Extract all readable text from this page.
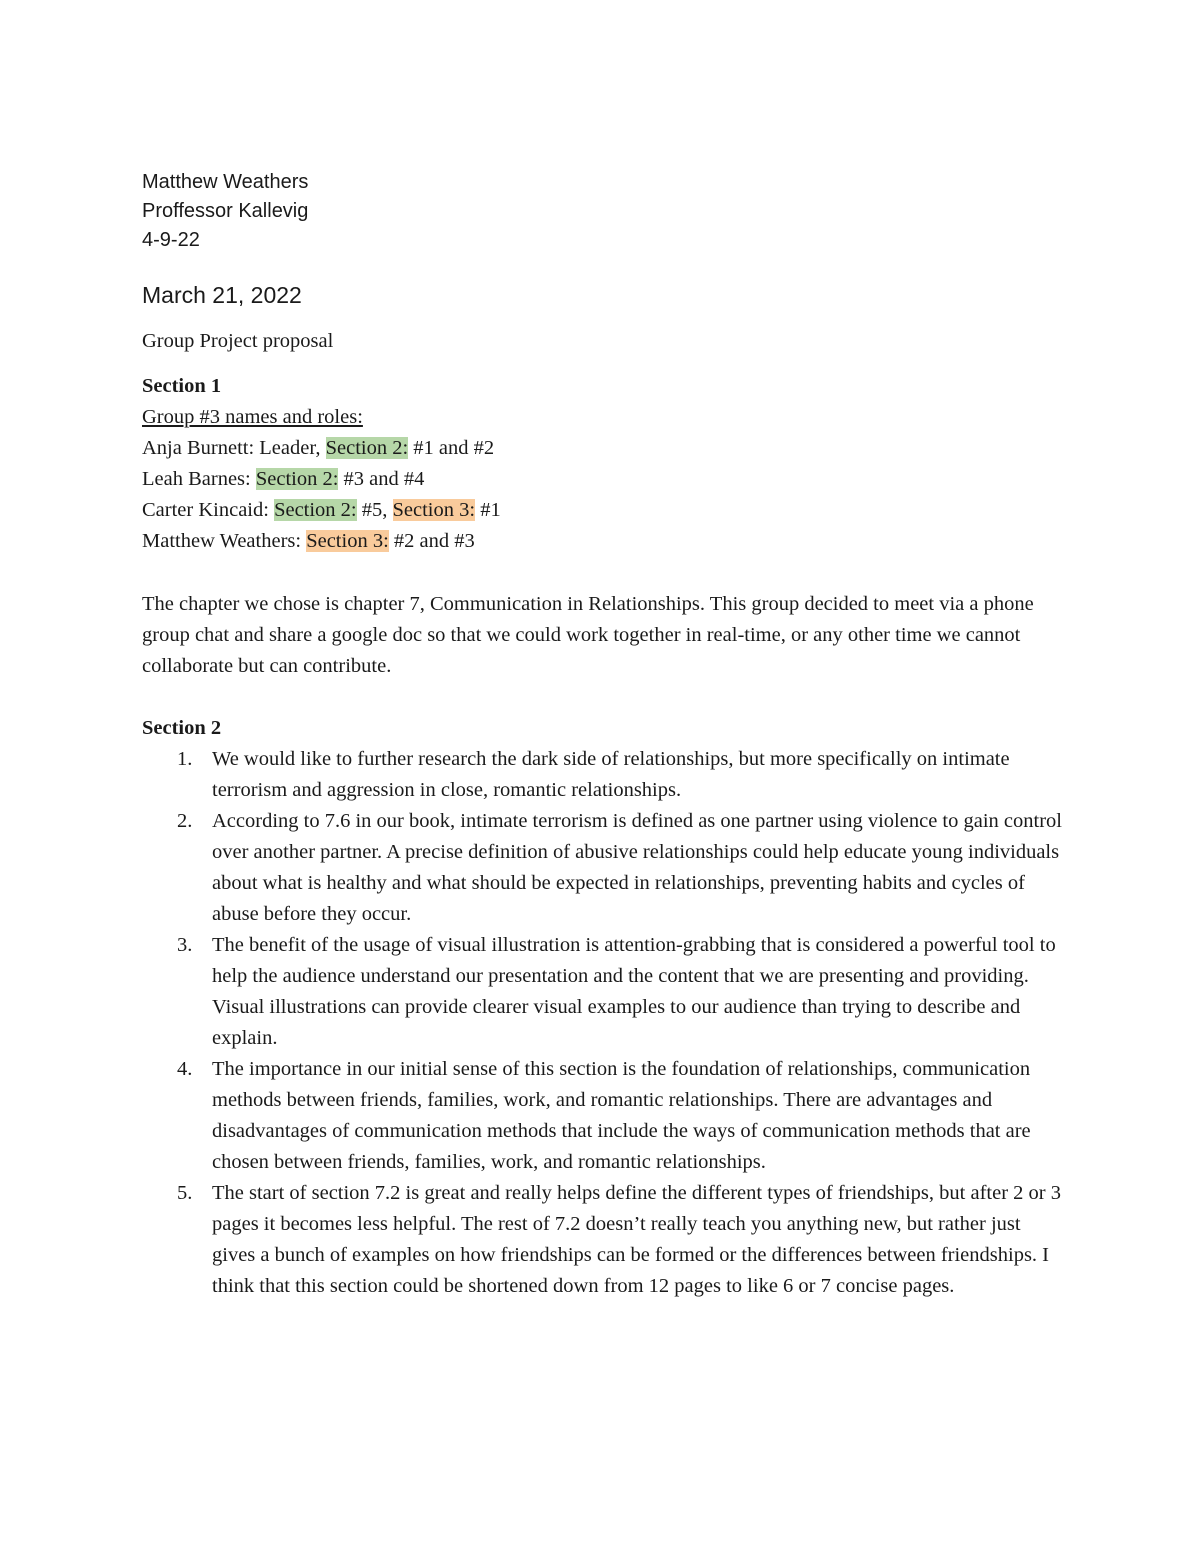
Matthew Weathers
Proffessor Kallevig
4-9-22
March 21, 2022
Group Project proposal
Section 1
Group #3 names and roles:
Anja Burnett: Leader, Section 2: #1 and #2
Leah Barnes: Section 2: #3 and #4
Carter Kincaid: Section 2: #5, Section 3: #1
Matthew Weathers: Section 3: #2 and #3
The chapter we chose is chapter 7, Communication in Relationships. This group decided to meet via a phone group chat and share a google doc so that we could work together in real-time, or any other time we cannot collaborate but can contribute.
Section 2
1. We would like to further research the dark side of relationships, but more specifically on intimate terrorism and aggression in close, romantic relationships.
2. According to 7.6 in our book, intimate terrorism is defined as one partner using violence to gain control over another partner. A precise definition of abusive relationships could help educate young individuals about what is healthy and what should be expected in relationships, preventing habits and cycles of abuse before they occur.
3. The benefit of the usage of visual illustration is attention-grabbing that is considered a powerful tool to help the audience understand our presentation and the content that we are presenting and providing. Visual illustrations can provide clearer visual examples to our audience than trying to describe and explain.
4. The importance in our initial sense of this section is the foundation of relationships, communication methods between friends, families, work, and romantic relationships. There are advantages and disadvantages of communication methods that include the ways of communication methods that are chosen between friends, families, work, and romantic relationships.
5. The start of section 7.2 is great and really helps define the different types of friendships, but after 2 or 3 pages it becomes less helpful. The rest of 7.2 doesn’t really teach you anything new, but rather just gives a bunch of examples on how friendships can be formed or the differences between friendships. I think that this section could be shortened down from 12 pages to like 6 or 7 concise pages.
